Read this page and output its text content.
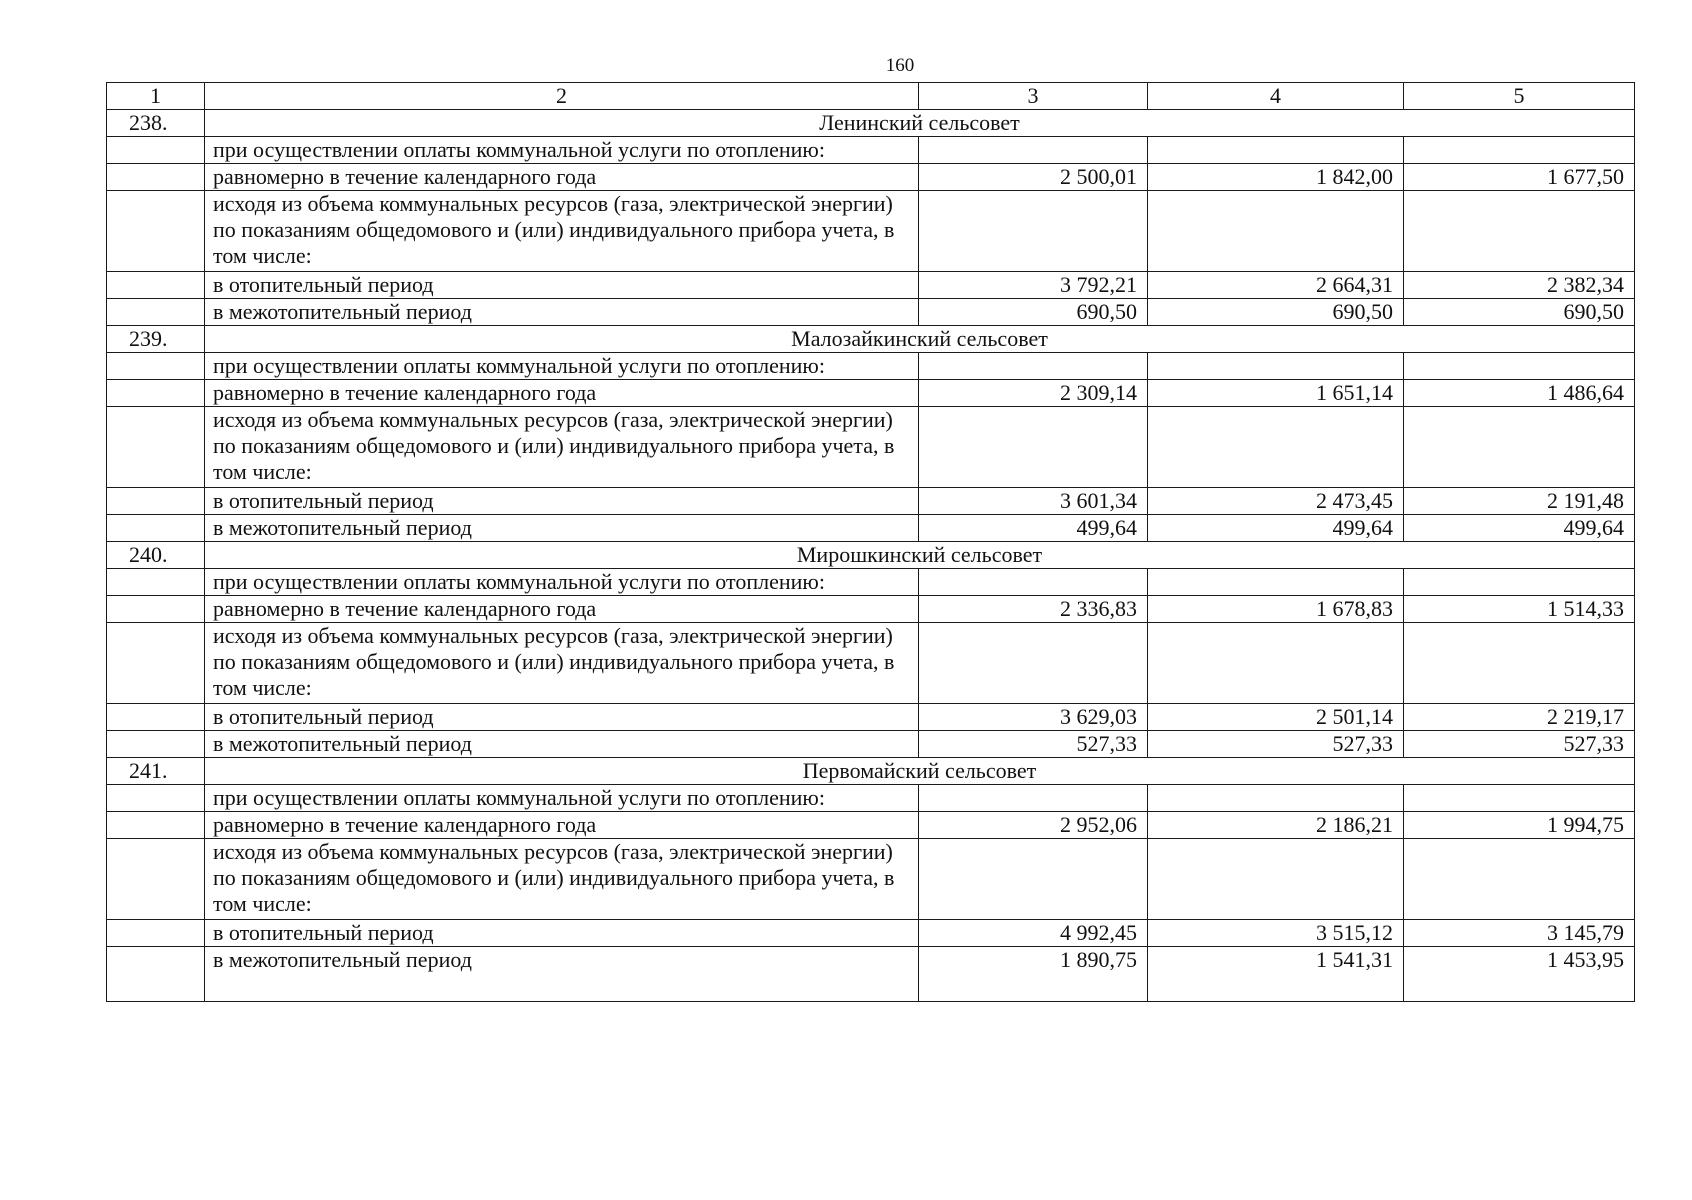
160
1	2	3	4	5
238.	Ленинский сельсовет			
	при осуществлении оплаты коммунальной услуги по отоплению:			
	равномерно в течение календарного года	2 500,01	1 842,00	1 677,50
	исходя из объема коммунальных ресурсов (газа, электрической энергии) по показаниям общедомового и (или) индивидуального прибора учета, в том числе:			
	в отопительный период	3 792,21	2 664,31	2 382,34
	в межотопительный период	690,50	690,50	690,50
239.	Малозайкинский сельсовет			
	при осуществлении оплаты коммунальной услуги по отоплению:			
	равномерно в течение календарного года	2 309,14	1 651,14	1 486,64
	исходя из объема коммунальных ресурсов (газа, электрической энергии) по показаниям общедомового и (или) индивидуального прибора учета, в том числе:			
	в отопительный период	3 601,34	2 473,45	2 191,48
	в межотопительный период	499,64	499,64	499,64
240.	Мирошкинский сельсовет			
	при осуществлении оплаты коммунальной услуги по отоплению:			
	равномерно в течение календарного года	2 336,83	1 678,83	1 514,33
	исходя из объема коммунальных ресурсов (газа, электрической энергии) по показаниям общедомового и (или) индивидуального прибора учета, в том числе:			
	в отопительный период	3 629,03	2 501,14	2 219,17
	в межотопительный период	527,33	527,33	527,33
241.	Первомайский сельсовет			
	при осуществлении оплаты коммунальной услуги по отоплению:			
	равномерно в течение календарного года	2 952,06	2 186,21	1 994,75
	исходя из объема коммунальных ресурсов (газа, электрической энергии) по показаниям общедомового и (или) индивидуального прибора учета, в том числе:			
	в отопительный период	4 992,45	3 515,12	3 145,79
	в межотопительный период	1 890,75	1 541,31	1 453,95
